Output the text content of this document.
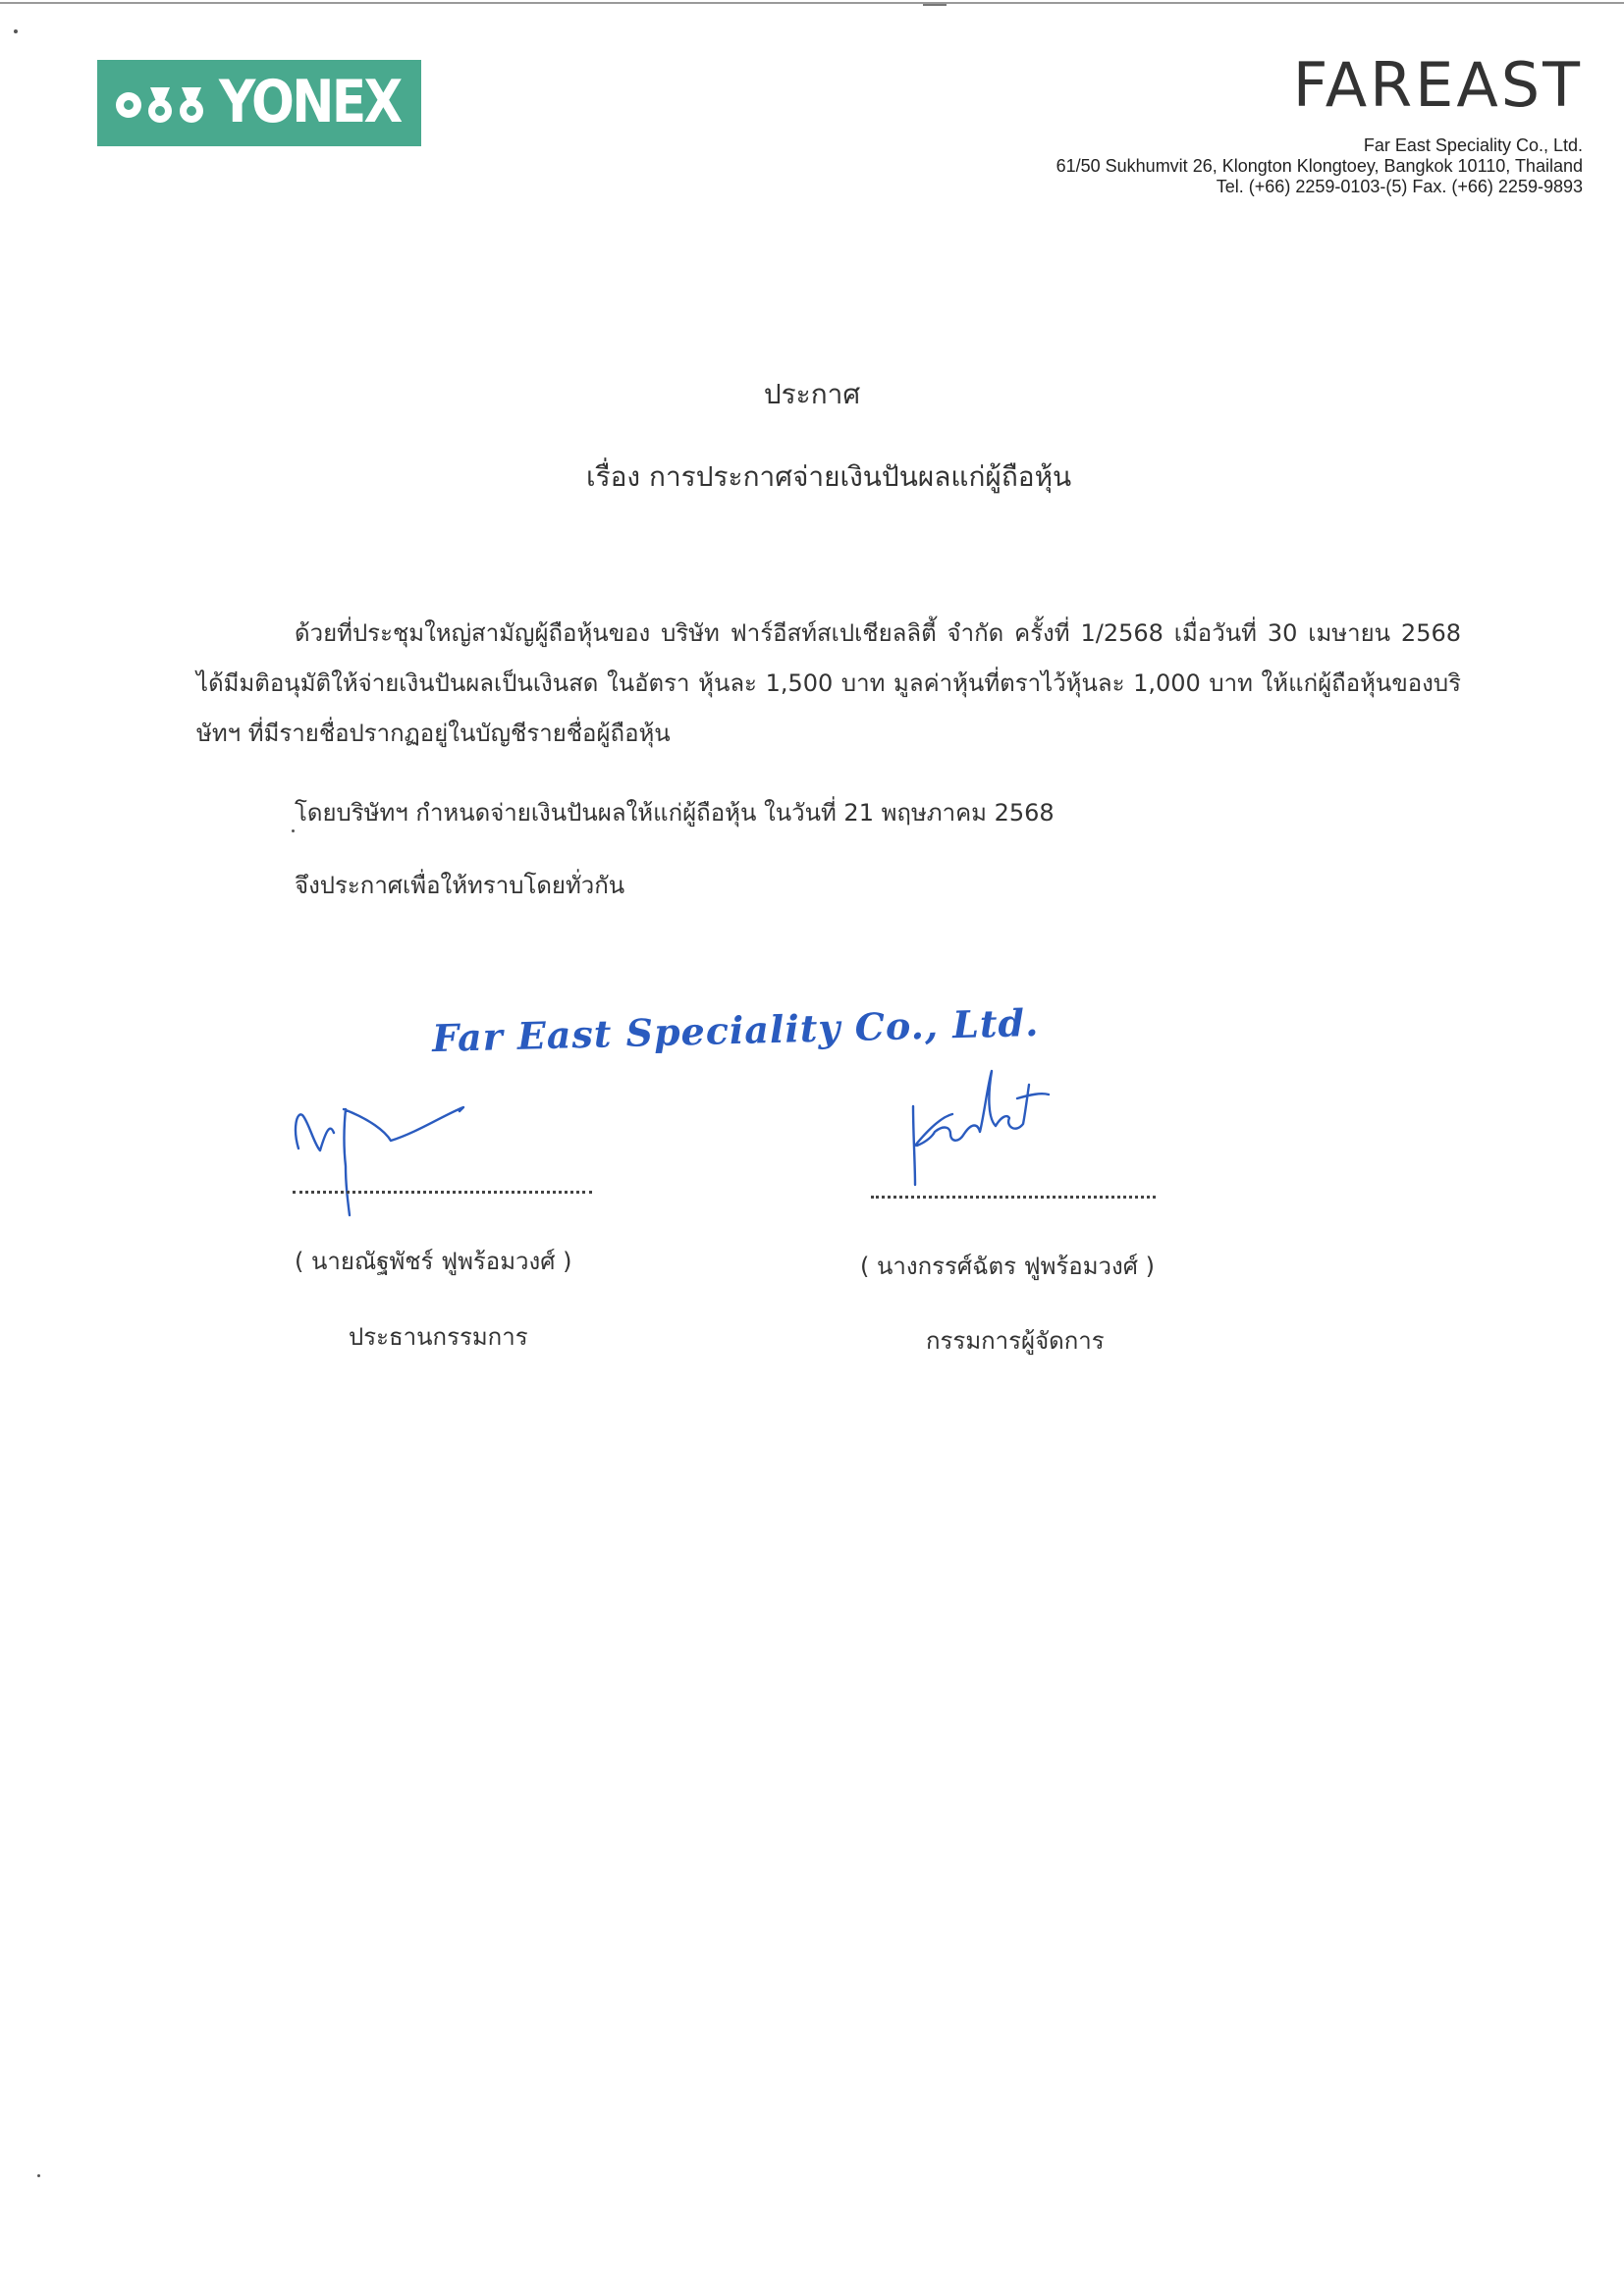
YONEX	FAREAST
Far East Speciality Co., Ltd.
61/50 Sukhumvit 26, Klongton Klongtoey, Bangkok 10110, Thailand
Tel. (+66) 2259-0103-(5) Fax. (+66) 2259-9893
ประกาศ
เรื่อง การประกาศจ่ายเงินปันผลแก่ผู้ถือหุ้น
ด้วยที่ประชุมใหญ่สามัญผู้ถือหุ้นของ บริษัท ฟาร์อีสท์สเปเชียลลิตี้ จำกัด ครั้งที่ 1/2568 เมื่อวันที่ 30 เมษายน 2568 ได้มีมติอนุมัติให้จ่ายเงินปันผลเป็นเงินสด ในอัตรา หุ้นละ 1,500 บาท มูลค่าหุ้นที่ตราไว้หุ้นละ 1,000 บาท ให้แก่ผู้ถือหุ้นของบริษัทฯ ที่มีรายชื่อปรากฏอยู่ในบัญชีรายชื่อผู้ถือหุ้น
โดยบริษัทฯ กำหนดจ่ายเงินปันผลให้แก่ผู้ถือหุ้น ในวันที่ 21 พฤษภาคม 2568
จึงประกาศเพื่อให้ทราบโดยทั่วกัน
Far East Speciality Co., Ltd.
( นายณัฐพัชร์ ฟูพร้อมวงศ์ )
ประธานกรรมการ
( นางกรรศ์ฉัตร ฟูพร้อมวงศ์ )
กรรมการผู้จัดการ
